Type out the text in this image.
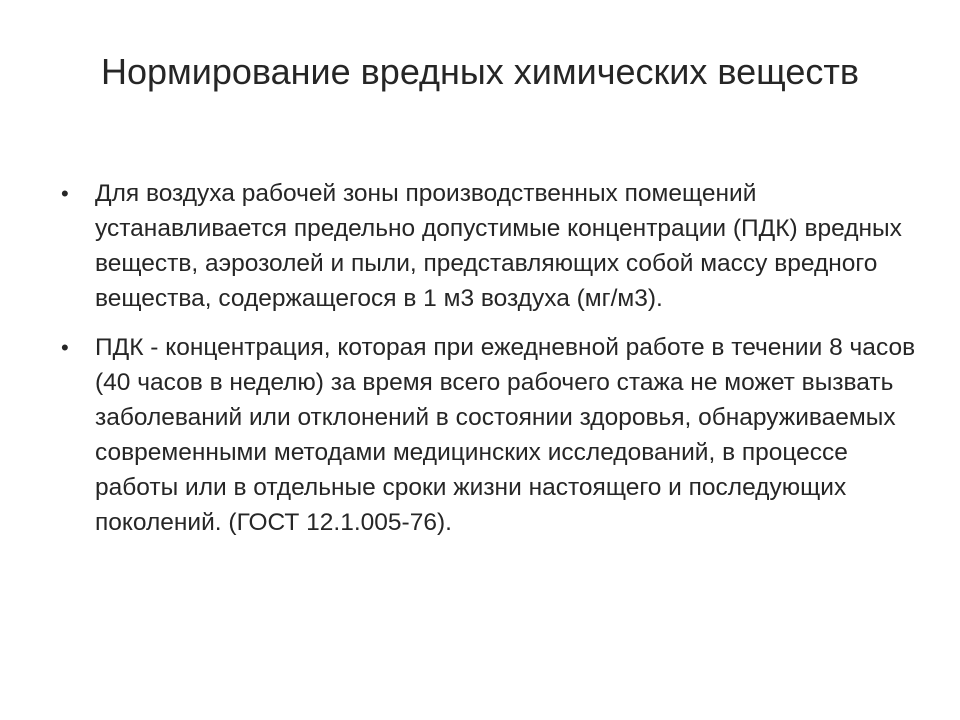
Нормирование вредных химических веществ
•	Для воздуха рабочей зоны производственных помещений устанавливается предельно допустимые концентрации (ПДК) вредных веществ, аэрозолей и пыли, представляющих собой массу вредного вещества, содержащегося в 1 м3 воздуха (мг/м3).
•	ПДК - концентрация, которая при ежедневной работе в течении 8 часов (40 часов в неделю) за время всего рабочего стажа не может вызвать заболеваний или отклонений в состоянии здоровья, обнаруживаемых современными методами медицинских исследований, в процессе работы или в отдельные сроки жизни настоящего и последующих поколений. (ГОСТ 12.1.005-76).
